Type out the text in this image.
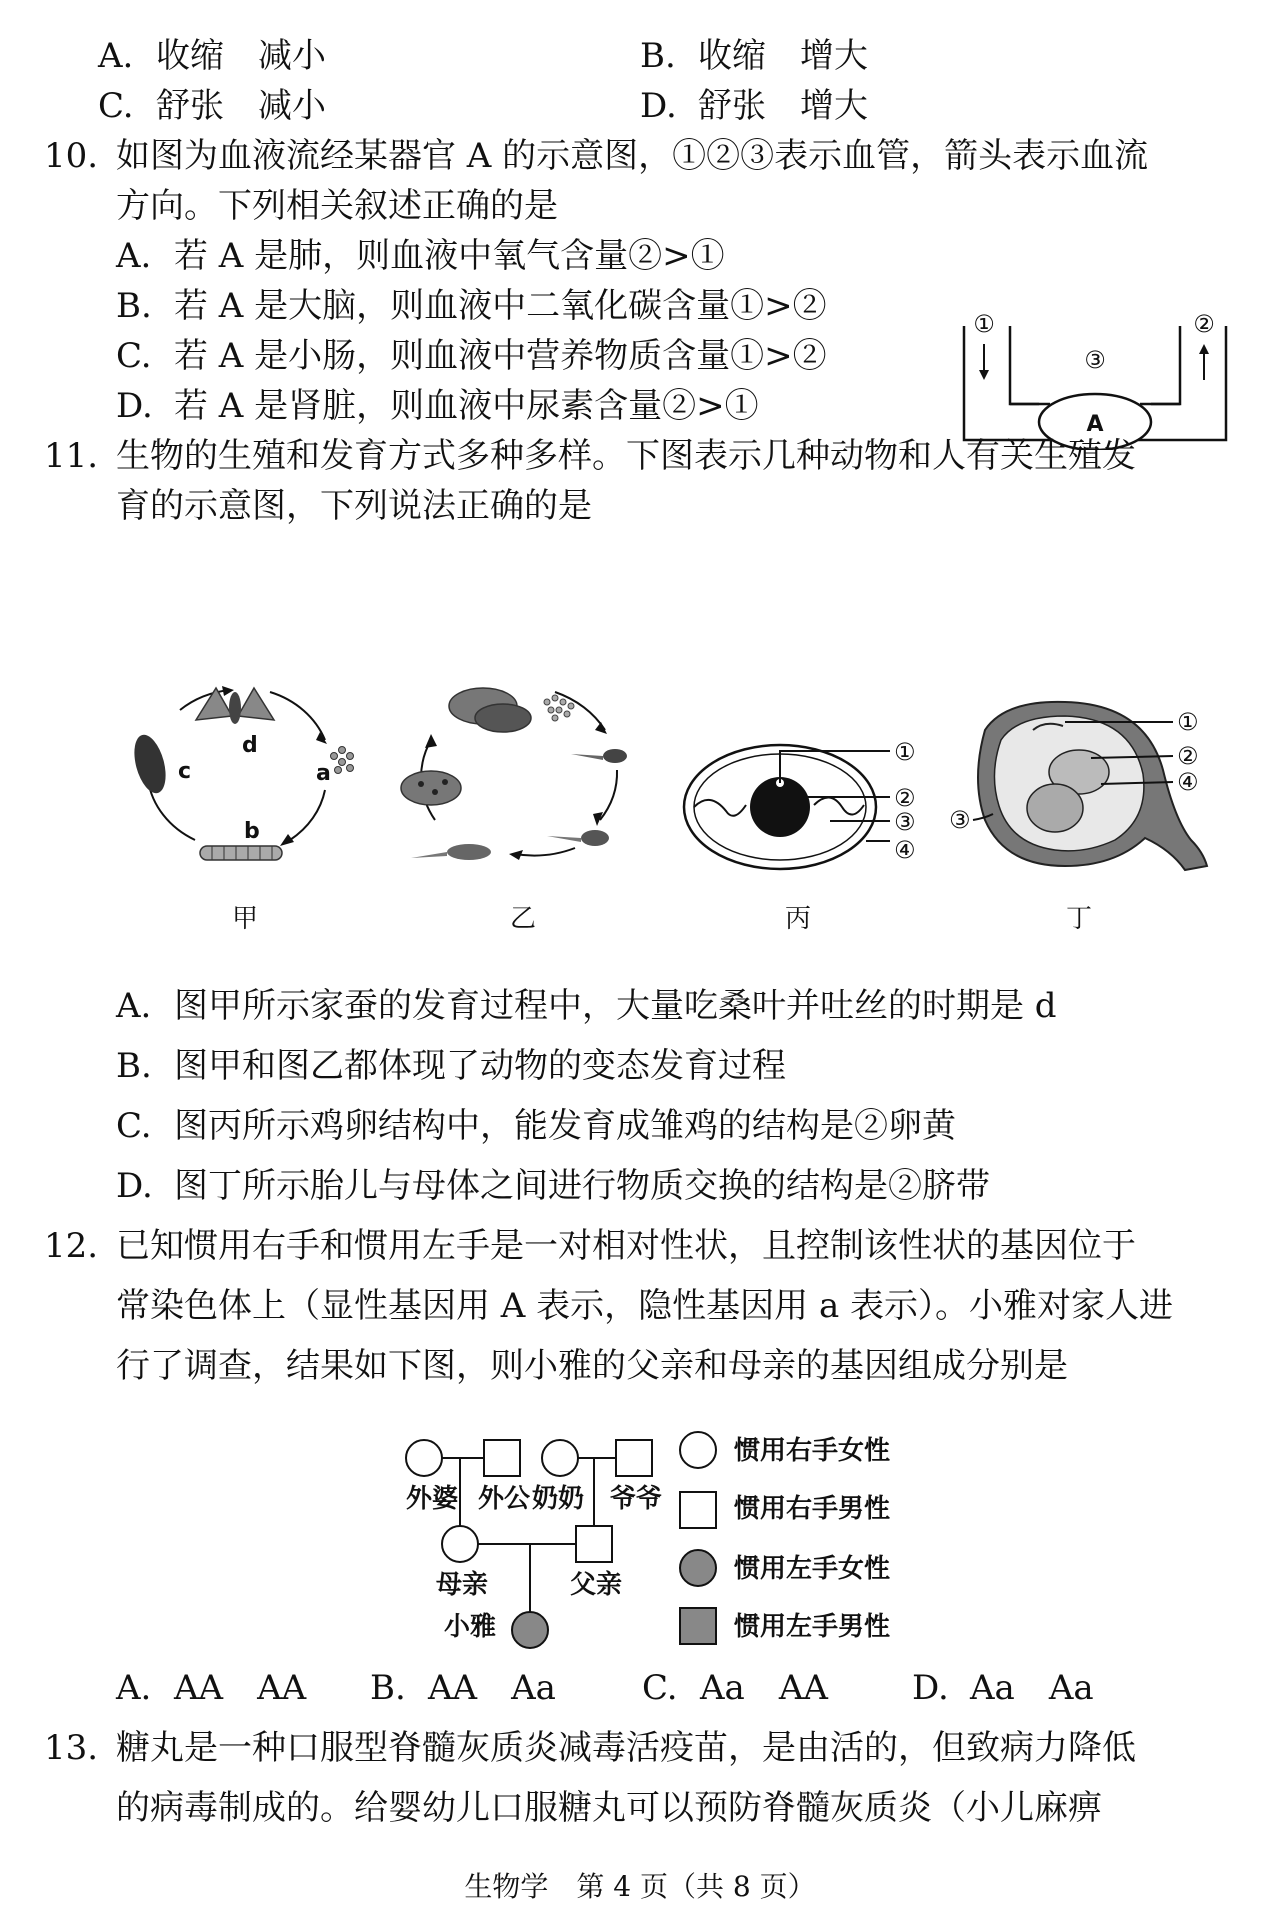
A. 收缩　减小	B. 收缩　增大
C. 舒张　减小	D. 舒张　增大
10. 如图为血液流经某器官 A 的示意图，①②③表示血管，箭头表示血流
方向。下列相关叙述正确的是
A. 若 A 是肺，则血液中氧气含量②>①
B. 若 A 是大脑，则血液中二氧化碳含量①>②
C. 若 A 是小肠，则血液中营养物质含量①>②
D. 若 A 是肾脏，则血液中尿素含量②>①
①	②
③
A
11. 生物的生殖和发育方式多种多样。下图表示几种动物和人有关生殖发
育的示意图，下列说法正确的是
a
b
c
d	①
②
③
④
①
②
④
③
甲	乙	丙	丁
A. 图甲所示家蚕的发育过程中，大量吃桑叶并吐丝的时期是 d
B. 图甲和图乙都体现了动物的变态发育过程
C. 图丙所示鸡卵结构中，能发育成雏鸡的结构是②卵黄
D. 图丁所示胎儿与母体之间进行物质交换的结构是②脐带
12. 已知惯用右手和惯用左手是一对相对性状，且控制该性状的基因位于
常染色体上（显性基因用 A 表示，隐性基因用 a 表示）。小雅对家人进
行了调查，结果如下图，则小雅的父亲和母亲的基因组成分别是
外婆 外公 奶奶 爷爷
母亲	父亲
小雅
惯用右手女性
惯用右手男性
惯用左手女性
惯用左手男性
A. AA　AA B. AA　Aa	C. Aa　AA D. Aa　Aa
13. 糖丸是一种口服型脊髓灰质炎减毒活疫苗，是由活的，但致病力降低
的病毒制成的。给婴幼儿口服糖丸可以预防脊髓灰质炎（小儿麻痹
生物学　第 4 页（共 8 页）
